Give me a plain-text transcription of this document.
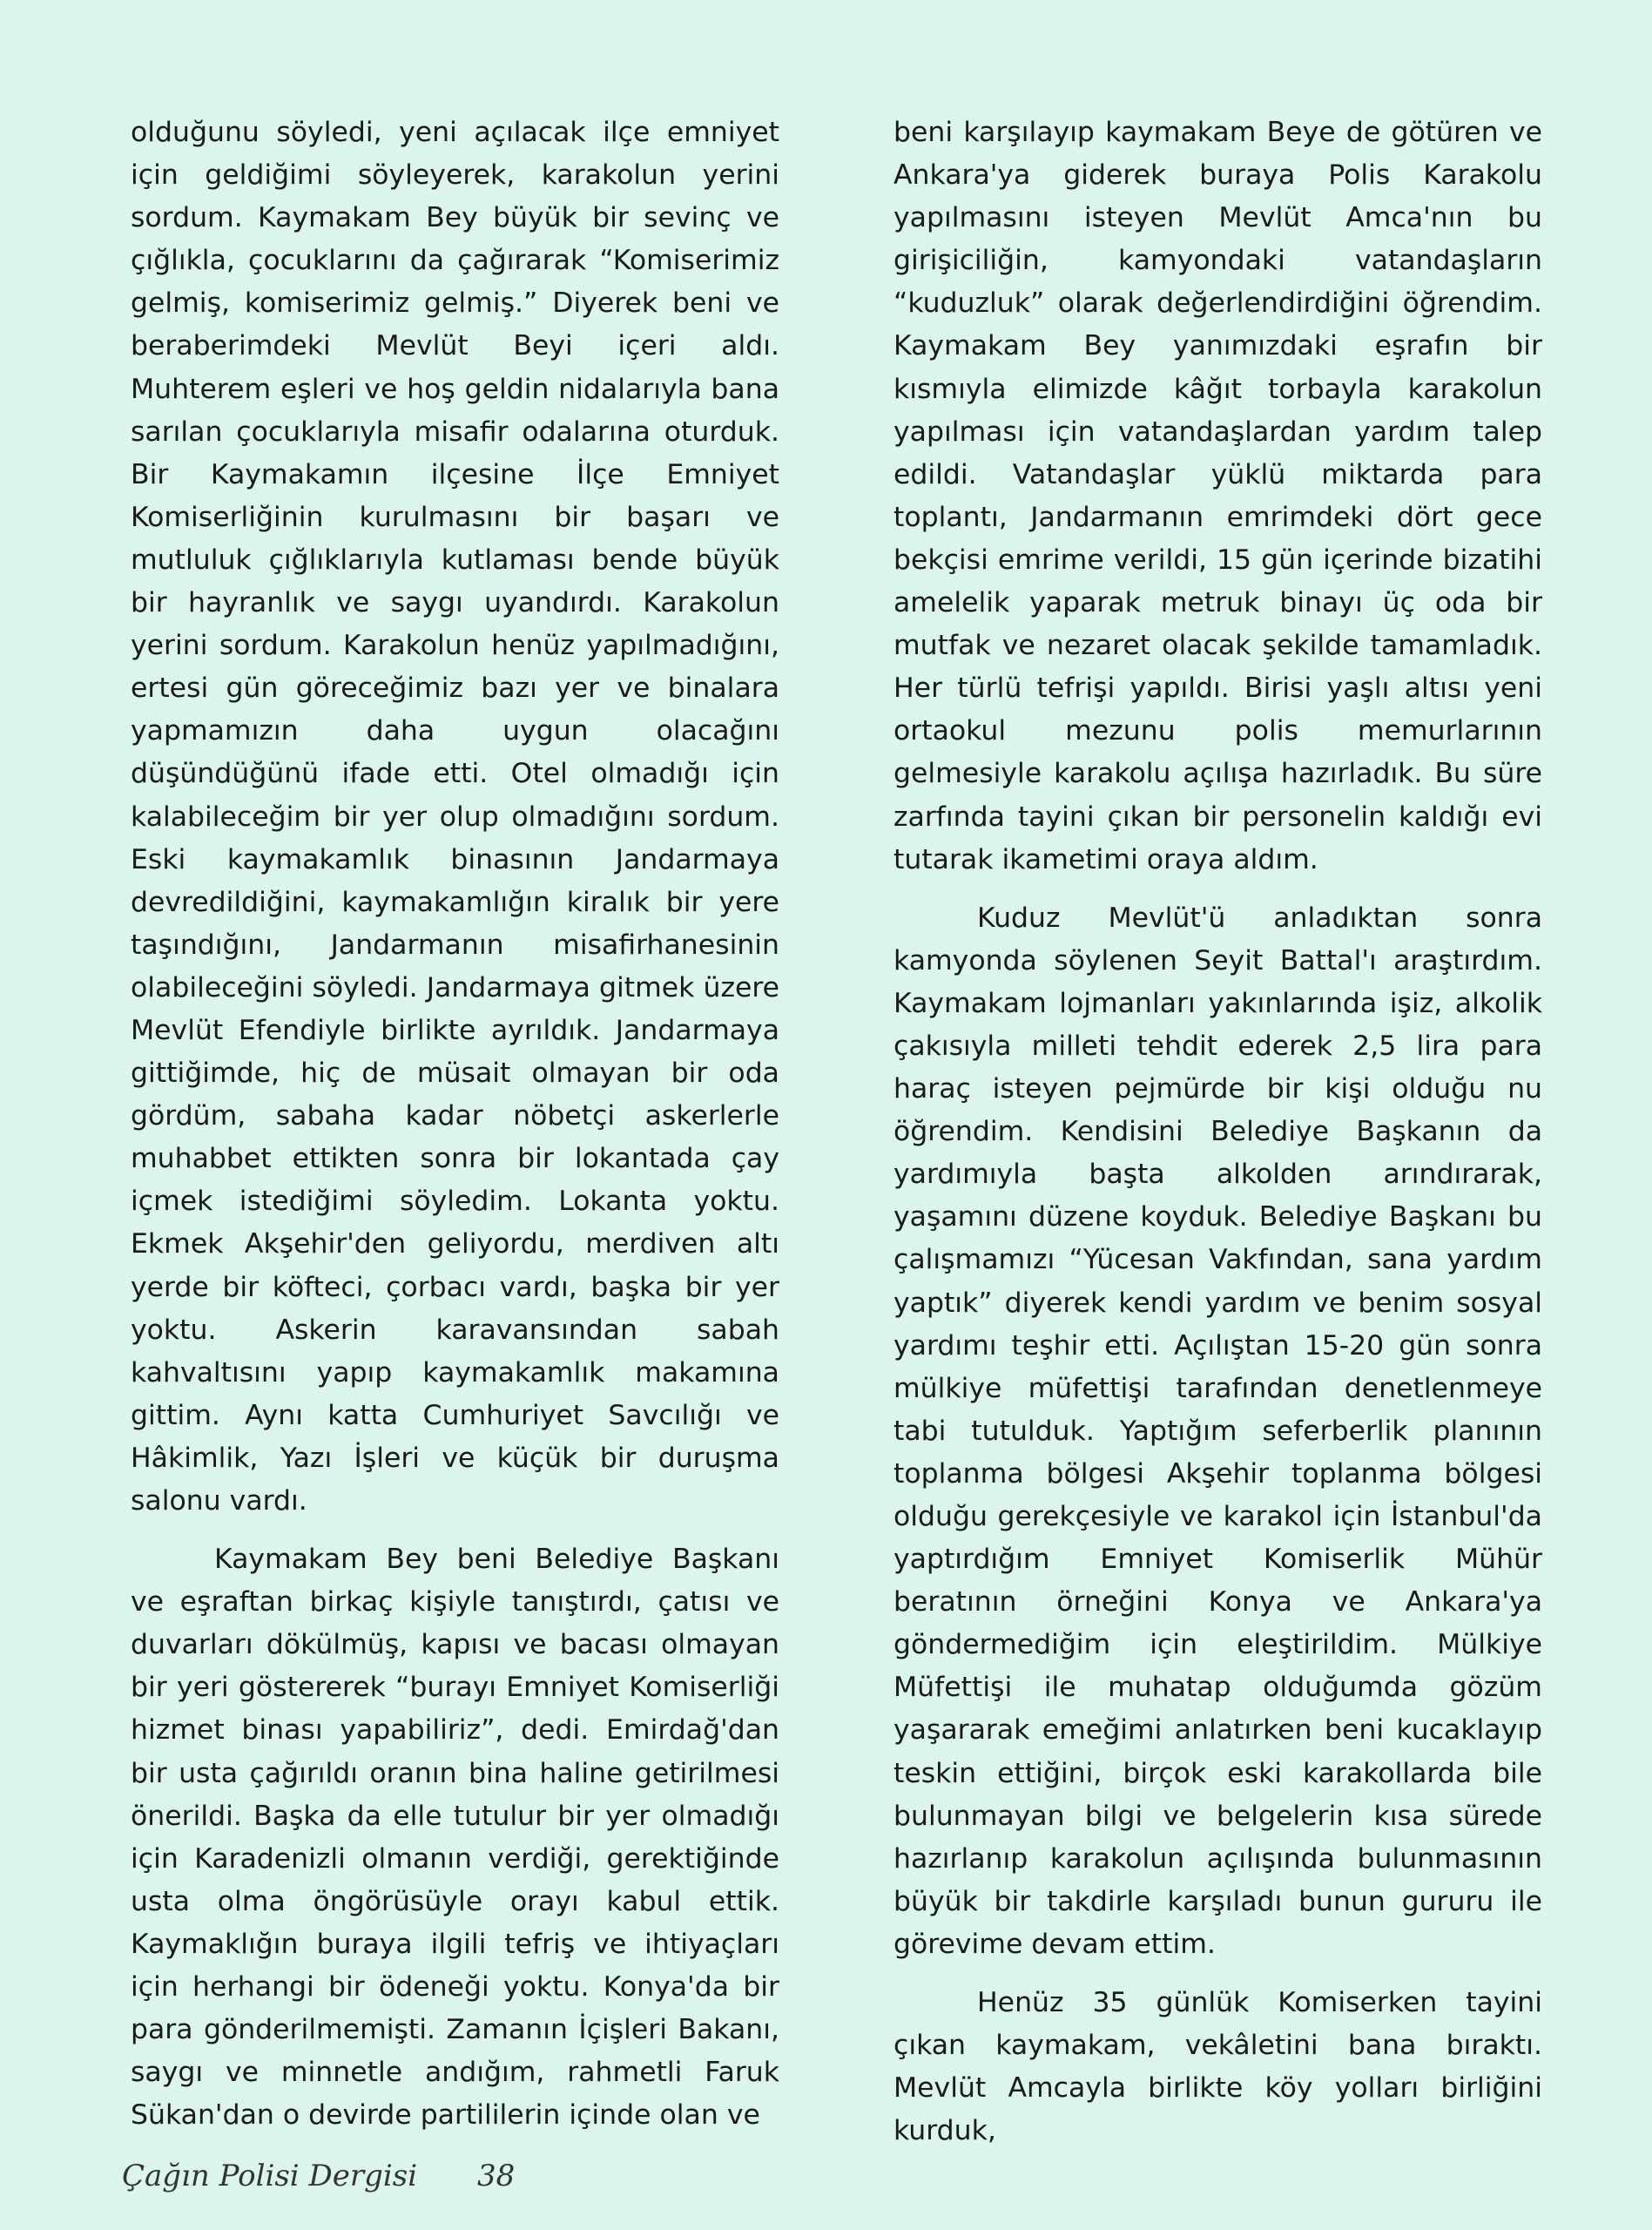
olduğunu söyledi, yeni açılacak ilçe emniyet için geldiğimi söyleyerek, karakolun yerini sordum. Kaymakam Bey büyük bir sevinç ve çığlıkla, çocuklarını da çağırarak “Komiserimiz gelmiş, komiserimiz gelmiş.” Diyerek beni ve beraberimdeki Mevlüt Beyi içeri aldı. Muhterem eşleri ve hoş geldin nidalarıyla bana sarılan çocuklarıyla misafir odalarına oturduk. Bir Kaymakamın ilçesine İlçe Emniyet Komiserliğinin kurulmasını bir başarı ve mutluluk çığlıklarıyla kutlaması bende büyük bir hayranlık ve saygı uyandırdı. Karakolun yerini sordum. Karakolun henüz yapılmadığını, ertesi gün göreceğimiz bazı yer ve binalara yapmamızın daha uygun olacağını düşündüğünü ifade etti. Otel olmadığı için kalabileceğim bir yer olup olmadığını sordum. Eski kaymakamlık binasının Jandarmaya devredildiğini, kaymakamlığın kiralık bir yere taşındığını, Jandarmanın misafirhanesinin olabileceğini söyledi. Jandarmaya gitmek üzere Mevlüt Efendiyle birlikte ayrıldık. Jandarmaya gittiğimde, hiç de müsait olmayan bir oda gördüm, sabaha kadar nöbetçi askerlerle muhabbet ettikten sonra bir lokantada çay içmek istediğimi söyledim. Lokanta yoktu. Ekmek Akşehir'den geliyordu, merdiven altı yerde bir köfteci, çorbacı vardı, başka bir yer yoktu. Askerin karavansından sabah kahvaltısını yapıp kaymakamlık makamına gittim. Aynı katta Cumhuriyet Savcılığı ve Hâkimlik, Yazı İşleri ve küçük bir duruşma salonu vardı.

Kaymakam Bey beni Belediye Başkanı ve eşraftan birkaç kişiyle tanıştırdı, çatısı ve duvarları dökülmüş, kapısı ve bacası olmayan bir yeri göstererek “burayı Emniyet Komiserliği hizmet binası yapabiliriz”, dedi. Emirdağ'dan bir usta çağırıldı oranın bina haline getirilmesi önerildi. Başka da elle tutulur bir yer olmadığı için Karadenizli olmanın verdiği, gerektiğinde usta olma öngörüsüyle orayı kabul ettik. Kaymaklığın buraya ilgili tefriş ve ihtiyaçları için herhangi bir ödeneği yoktu. Konya'da bir para gönderilmemişti. Zamanın İçişleri Bakanı, saygı ve minnetle andığım, rahmetli Faruk Sükan'dan o devirde partililerin içinde olan ve

beni karşılayıp kaymakam Beye de götüren ve Ankara'ya giderek buraya Polis Karakolu yapılmasını isteyen Mevlüt Amca'nın bu girişiciliğin, kamyondaki vatandaşların “kuduzluk” olarak değerlendirdiğini öğrendim. Kaymakam Bey yanımızdaki eşrafın bir kısmıyla elimizde kâğıt torbayla karakolun yapılması için vatandaşlardan yardım talep edildi. Vatandaşlar yüklü miktarda para toplantı, Jandarmanın emrimdeki dört gece bekçisi emrime verildi, 15 gün içerinde bizatihi amelelik yaparak metruk binayı üç oda bir mutfak ve nezaret olacak şekilde tamamladık. Her türlü tefrişi yapıldı. Birisi yaşlı altısı yeni ortaokul mezunu polis memurlarının gelmesiyle karakolu açılışa hazırladık. Bu süre zarfında tayini çıkan bir personelin kaldığı evi tutarak ikametimi oraya aldım.

Kuduz Mevlüt'ü anladıktan sonra kamyonda söylenen Seyit Battal'ı araştırdım. Kaymakam lojmanları yakınlarında işiz, alkolik çakısıyla milleti tehdit ederek 2,5 lira para haraç isteyen pejmürde bir kişi olduğu nu öğrendim. Kendisini Belediye Başkanın da yardımıyla başta alkolden arındırarak, yaşamını düzene koyduk. Belediye Başkanı bu çalışmamızı “Yücesan Vakfından, sana yardım yaptık” diyerek kendi yardım ve benim sosyal yardımı teşhir etti. Açılıştan 15-20 gün sonra mülkiye müfettişi tarafından denetlenmeye tabi tutulduk. Yaptığım seferberlik planının toplanma bölgesi Akşehir toplanma bölgesi olduğu gerekçesiyle ve karakol için İstanbul'da yaptırdığım Emniyet Komiserlik Mühür beratının örneğini Konya ve Ankara'ya göndermediğim için eleştirildim. Mülkiye Müfettişi ile muhatap olduğumda gözüm yaşararak emeğimi anlatırken beni kucaklayıp teskin ettiğini, birçok eski karakollarda bile bulunmayan bilgi ve belgelerin kısa sürede hazırlanıp karakolun açılışında bulunmasının büyük bir takdirle karşıladı bunun gururu ile görevime devam ettim.

Henüz 35 günlük Komiserken tayini çıkan kaymakam, vekâletini bana bıraktı. Mevlüt Amcayla birlikte köy yolları birliğini kurduk,

Çağın Polisi Dergisi 38
